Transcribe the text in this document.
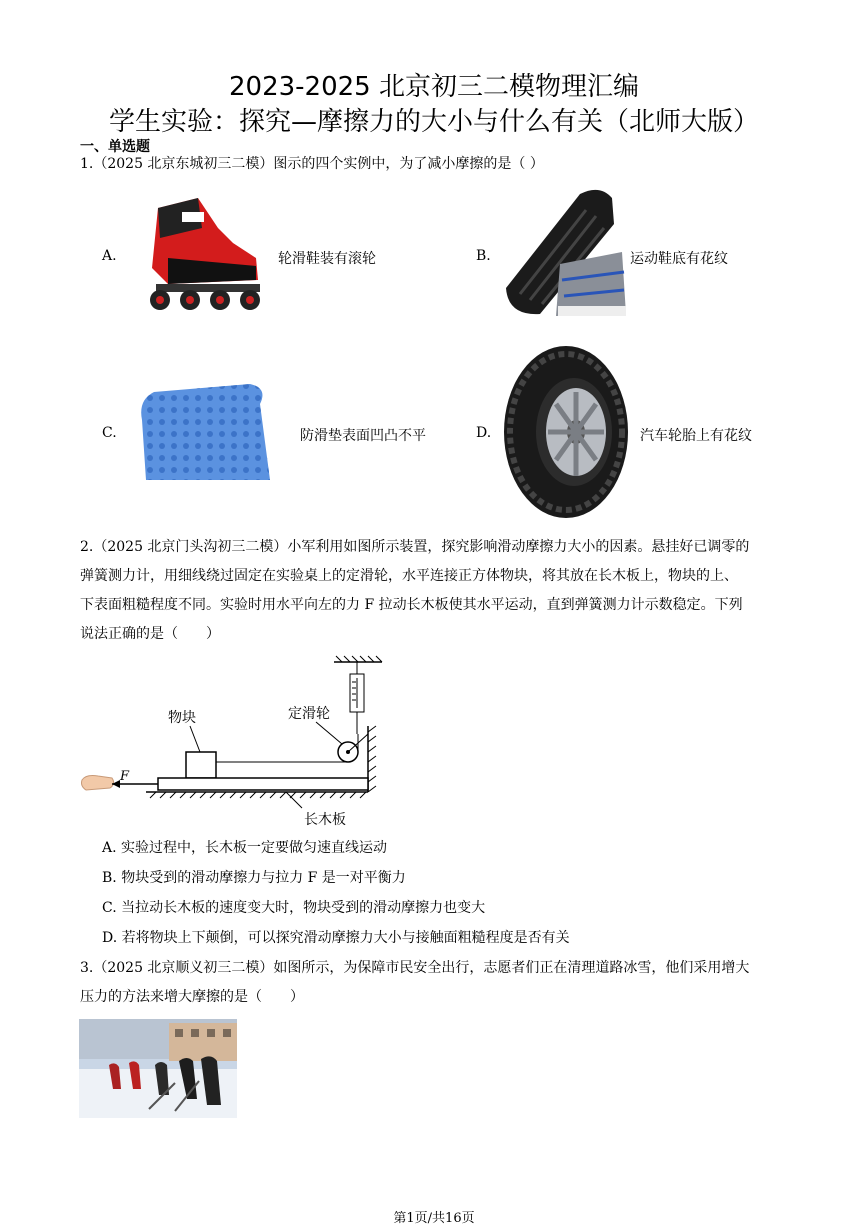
2023-2025 北京初三二模物理汇编
学生实验：探究—摩擦力的大小与什么有关（北师大版）
一、单选题
1.（2025 北京东城初三二模）图示的四个实例中，为了减小摩擦的是（ ）
A.	轮滑鞋装有滚轮	B.	运动鞋底有花纹
C.	防滑垫表面凹凸不平	D.	汽车轮胎上有花纹
2.（2025 北京门头沟初三二模）小军利用如图所示装置，探究影响滑动摩擦力大小的因素。悬挂好已调零的
弹簧测力计，用细线绕过固定在实验桌上的定滑轮，水平连接正方体物块，将其放在长木板上，物块的上、
下表面粗糙程度不同。实验时用水平向左的力 F 拉动长木板使其水平运动，直到弹簧测力计示数稳定。下列
说法正确的是（　　）
物块	定滑轮
F
长木板
A. 实验过程中，长木板一定要做匀速直线运动
B. 物块受到的滑动摩擦力与拉力 F 是一对平衡力
C. 当拉动长木板的速度变大时，物块受到的滑动摩擦力也变大
D. 若将物块上下颠倒，可以探究滑动摩擦力大小与接触面粗糙程度是否有关
3.（2025 北京顺义初三二模）如图所示，为保障市民安全出行，志愿者们正在清理道路冰雪，他们采用增大
压力的方法来增大摩擦的是（　　）
第1页/共16页
